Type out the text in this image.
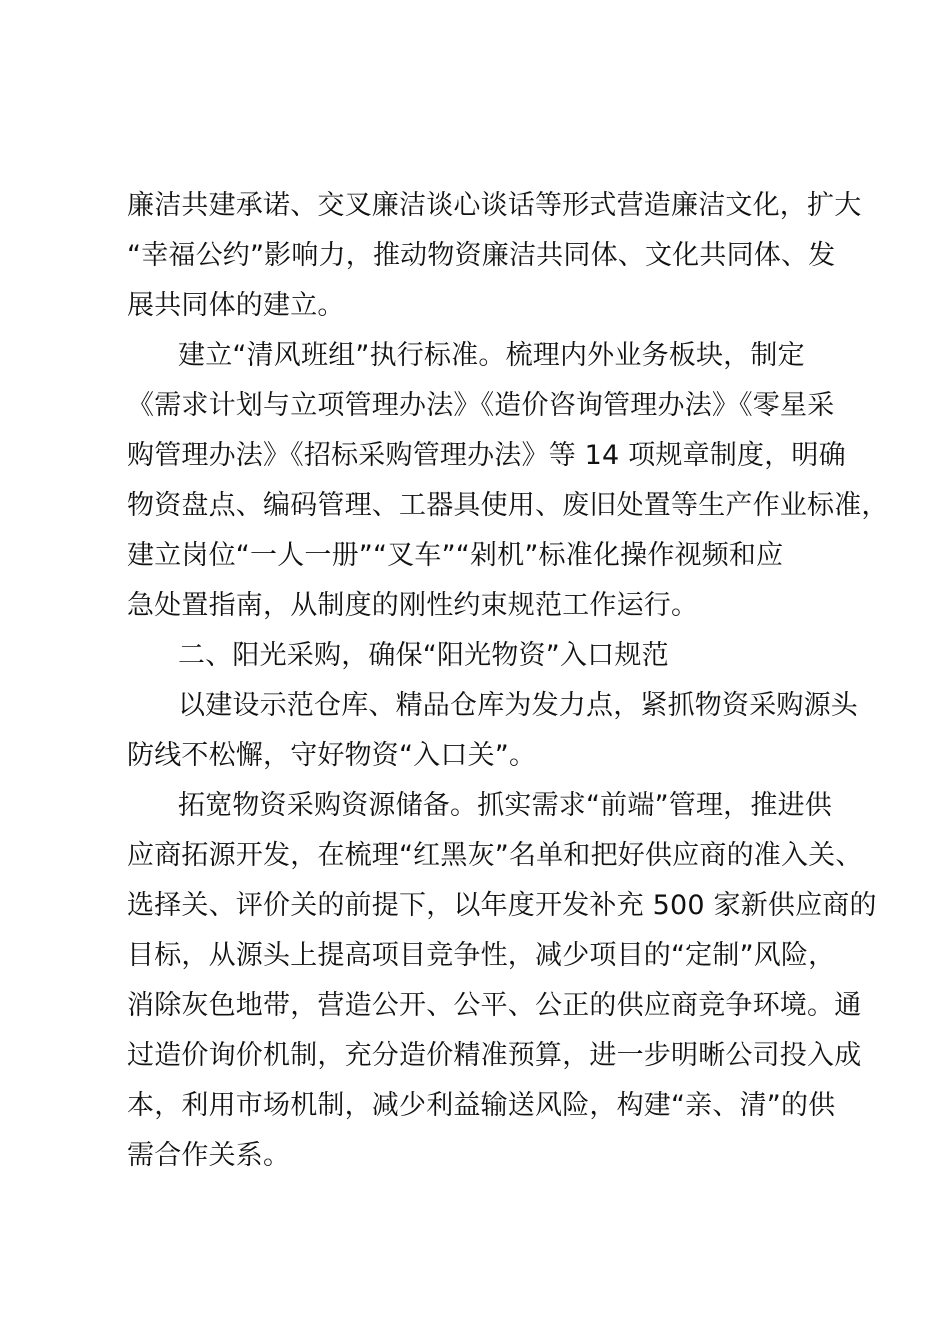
廉洁共建承诺、交叉廉洁谈心谈话等形式营造廉洁文化，扩大
“幸福公约”影响力，推动物资廉洁共同体、文化共同体、发
展共同体的建立。
建立“清风班组”执行标准。梳理内外业务板块，制定
《需求计划与立项管理办法》《造价咨询管理办法》《零星采
购管理办法》《招标采购管理办法》等 14 项规章制度，明确
物资盘点、编码管理、工器具使用、废旧处置等生产作业标准，
建立岗位“一人一册”“叉车”“剁机”标准化操作视频和应
急处置指南，从制度的刚性约束规范工作运行。
二、阳光采购，确保“阳光物资”入口规范
以建设示范仓库、精品仓库为发力点，紧抓物资采购源头
防线不松懈，守好物资“入口关”。
拓宽物资采购资源储备。抓实需求“前端”管理，推进供
应商拓源开发，在梳理“红黑灰”名单和把好供应商的准入关、
选择关、评价关的前提下，以年度开发补充 500 家新供应商的
目标，从源头上提高项目竞争性，减少项目的“定制”风险，
消除灰色地带，营造公开、公平、公正的供应商竞争环境。通
过造价询价机制，充分造价精准预算，进一步明晰公司投入成
本，利用市场机制，减少利益输送风险，构建“亲、清”的供
需合作关系。
